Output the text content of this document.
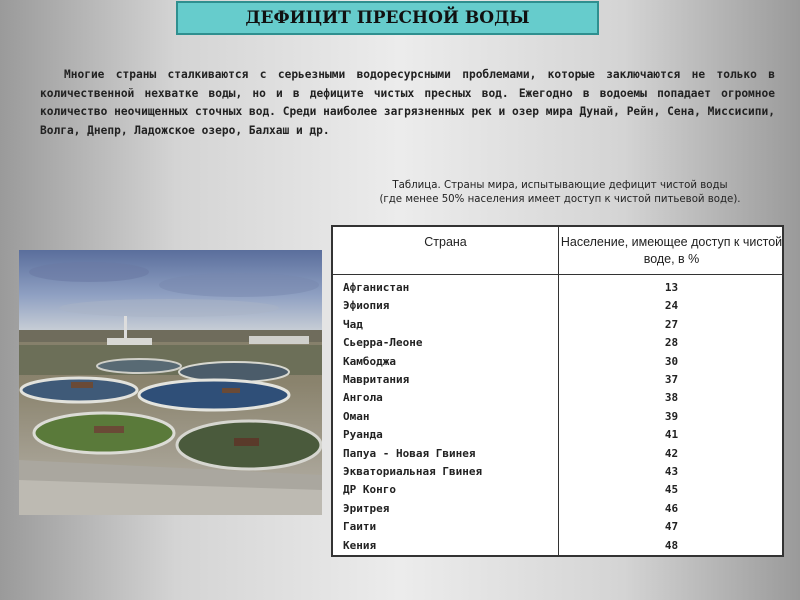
ДЕФИЦИТ ПРЕСНОЙ ВОДЫ

Многие страны сталкиваются с серьезными водоресурсными проблемами, которые заключаются не только в количественной нехватке воды, но и в дефиците чистых пресных вод. Ежегодно в водоемы попадает огромное количество неочищенных сточных вод. Среди наиболее загрязненных рек и озер мира Дунай, Рейн, Сена, Миссисипи, Волга, Днепр, Ладожское озеро, Балхаш и др.

Таблица. Страны мира, испытывающие дефицит чистой воды
(где менее 50% населения имеет доступ к чистой питьевой воде).

Страна	Население, имеющее доступ к чистой воде, в %
Афганистан
Эфиопия
Чад
Сьерра-Леоне
Камбоджа
Мавритания
Ангола
Оман
Руанда
Папуа - Новая Гвинея
Экваториальная Гвинея
ДР Конго
Эритрея
Гаити
Кения
13
24
27
28
30
37
38
39
41
42
43
45
46
47
48
